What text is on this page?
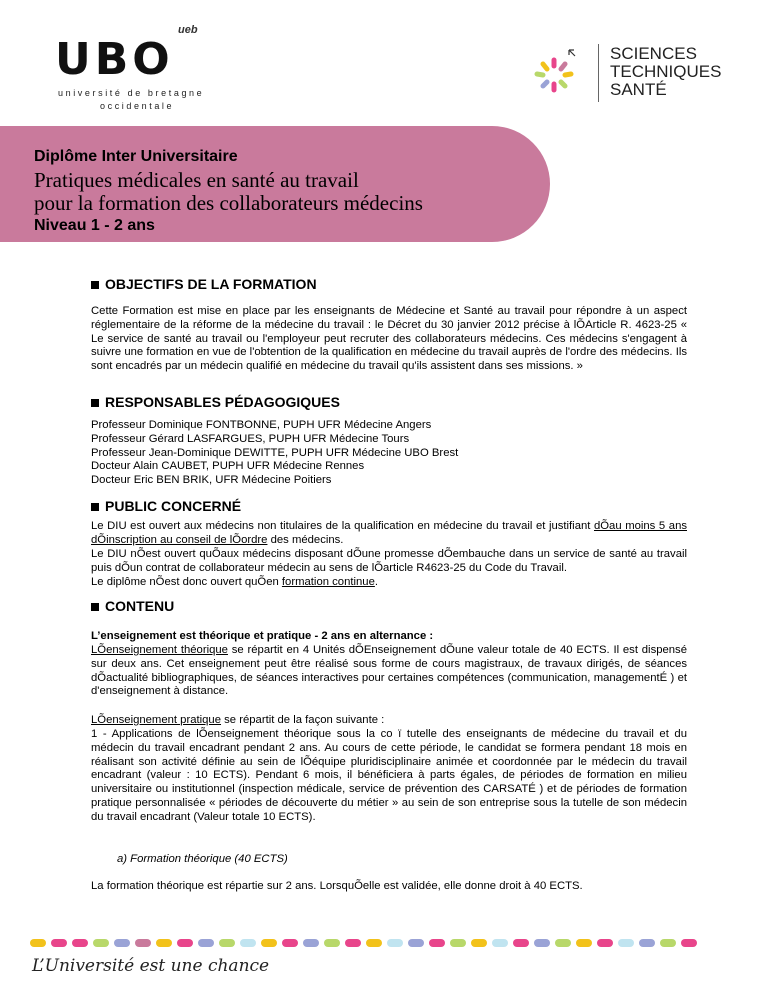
UBO
ueb
université de bretagne
occidentale
SCIENCES
TECHNIQUES
SANTÉ
Diplôme Inter Universitaire
Pratiques médicales en santé au travail
pour la formation des collaborateurs médecins
Niveau 1 - 2 ans
OBJECTIFS DE LA FORMATION
Cette Formation est mise en place par les enseignants de Médecine et Santé au travail pour répondre à un aspect réglementaire de la réforme de la médecine du travail : le Décret du 30 janvier 2012 précise à lÕArticle R. 4623-25 « Le service de santé au travail ou l'employeur peut recruter des collaborateurs médecins. Ces médecins s'engagent à suivre une formation en vue de l'obtention de la qualification en médecine du travail auprès de l'ordre des médecins. Ils sont encadrés par un médecin qualifié en médecine du travail qu'ils assistent dans ses missions. »
RESPONSABLES PÉDAGOGIQUES
Professeur Dominique FONTBONNE, PUPH UFR Médecine Angers
Professeur Gérard LASFARGUES, PUPH UFR Médecine Tours
Professeur Jean-Dominique DEWITTE, PUPH UFR Médecine UBO Brest
Docteur Alain CAUBET, PUPH UFR Médecine Rennes
Docteur Eric BEN BRIK, UFR Médecine Poitiers
PUBLIC CONCERNÉ
Le DIU est ouvert aux médecins non titulaires de la qualification en médecine du travail et justifiant dÕau moins 5 ans dÕinscription au conseil de lÕordre des médecins.
Le DIU nÕest ouvert quÕaux médecins disposant dÕune promesse dÕembauche dans un service de santé au travail puis dÕun contrat de collaborateur médecin au sens de lÕarticle R4623-25 du Code du Travail.
Le diplôme nÕest donc ouvert quÕen formation continue.
CONTENU
L’enseignement est théorique et pratique - 2 ans en alternance :
LÕenseignement théorique se répartit en 4 Unités dÕEnseignement dÕune valeur totale de 40 ECTS. Il est dispensé sur deux ans. Cet enseignement peut être réalisé sous forme de cours magistraux, de travaux dirigés, de séances dÕactualité bibliographiques, de séances interactives pour certaines compétences (communication, managementÉ ) et d'enseignement à distance.
LÕenseignement pratique se répartit de la façon suivante :
1 - Applications de lÕenseignement théorique sous la co ï tutelle des enseignants de médecine du travail et du médecin du travail encadrant pendant 2 ans. Au cours de cette période, le candidat se formera pendant 18 mois en réalisant son activité définie au sein de lÕéquipe pluridisciplinaire animée et coordonnée par le médecin du travail encadrant (valeur : 10 ECTS). Pendant 6 mois, il bénéficiera à parts égales, de périodes de formation en milieu universitaire ou institutionnel (inspection médicale, service de prévention des CARSATÉ ) et de périodes de formation pratique personnalisée « périodes de découverte du métier » au sein de son entreprise sous la tutelle de son médecin du travail encadrant (Valeur totale 10 ECTS).
a) Formation théorique (40 ECTS)
La formation théorique est répartie sur 2 ans. LorsquÕelle est validée, elle donne droit à 40 ECTS.
L’Université est une chance
